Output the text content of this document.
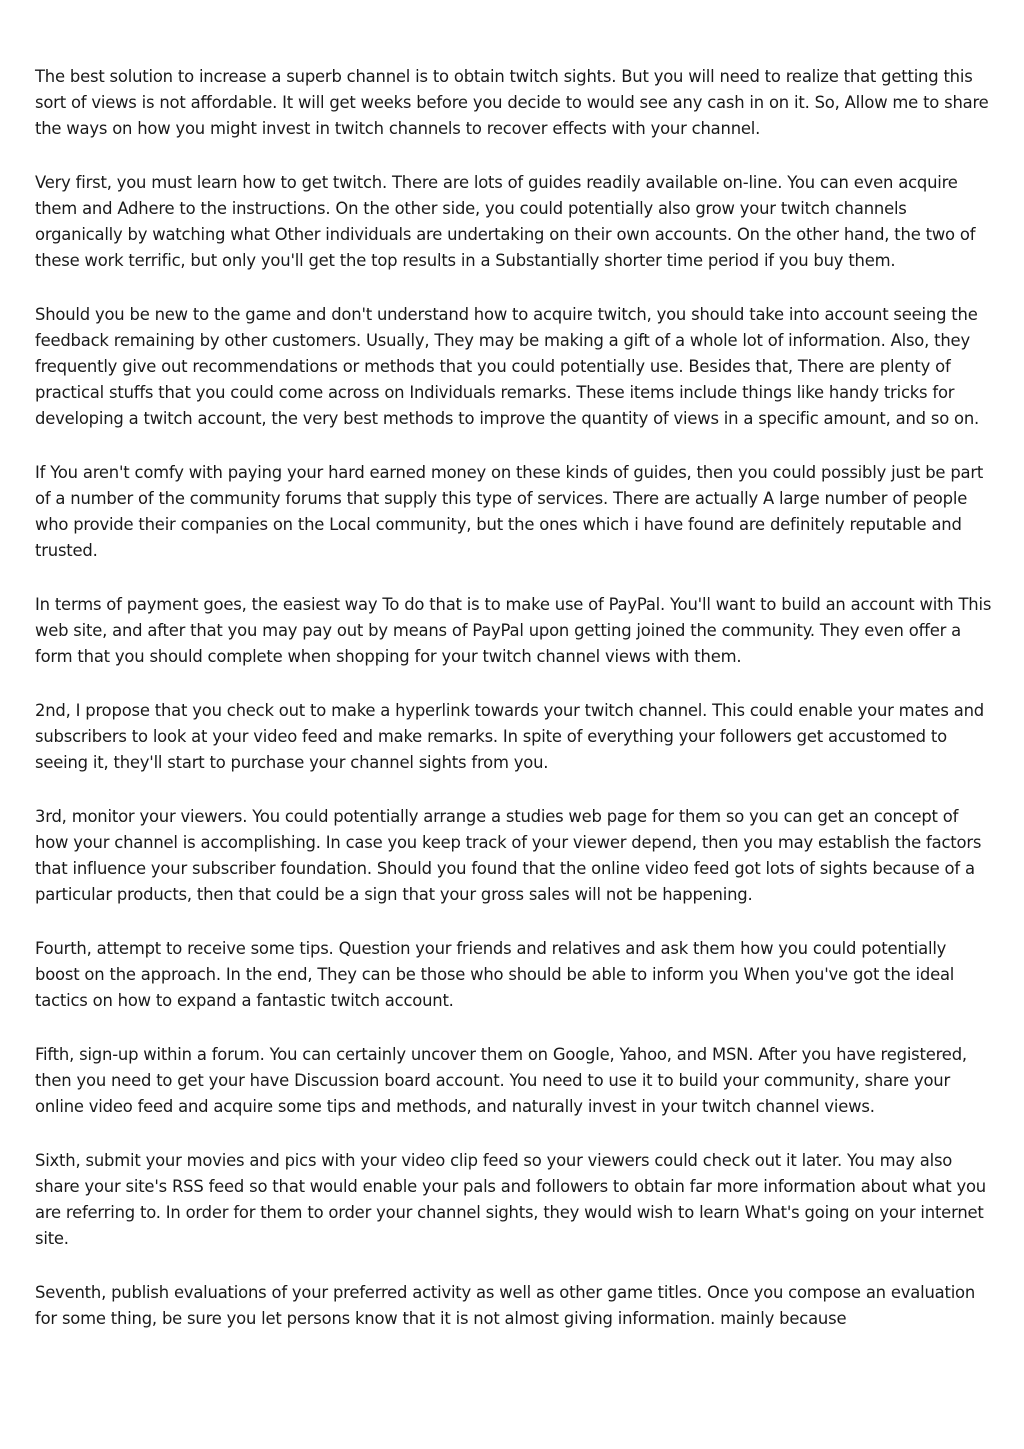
The best solution to increase a superb channel is to obtain twitch sights. But you will need to realize that getting this sort of views is not affordable. It will get weeks before you decide to would see any cash in on it. So, Allow me to share the ways on how you might invest in twitch channels to recover effects with your channel.

Very first, you must learn how to get twitch. There are lots of guides readily available on-line. You can even acquire them and Adhere to the instructions. On the other side, you could potentially also grow your twitch channels organically by watching what Other individuals are undertaking on their own accounts. On the other hand, the two of these work terrific, but only you'll get the top results in a Substantially shorter time period if you buy them.

Should you be new to the game and don't understand how to acquire twitch, you should take into account seeing the feedback remaining by other customers. Usually, They may be making a gift of a whole lot of information. Also, they frequently give out recommendations or methods that you could potentially use. Besides that, There are plenty of practical stuffs that you could come across on Individuals remarks. These items include things like handy tricks for developing a twitch account, the very best methods to improve the quantity of views in a specific amount, and so on.

If You aren't comfy with paying your hard earned money on these kinds of guides, then you could possibly just be part of a number of the community forums that supply this type of services. There are actually A large number of people who provide their companies on the Local community, but the ones which i have found are definitely reputable and trusted.

In terms of payment goes, the easiest way To do that is to make use of PayPal. You'll want to build an account with This web site, and after that you may pay out by means of PayPal upon getting joined the community. They even offer a form that you should complete when shopping for your twitch channel views with them.

2nd, I propose that you check out to make a hyperlink towards your twitch channel. This could enable your mates and subscribers to look at your video feed and make remarks. In spite of everything your followers get accustomed to seeing it, they'll start to purchase your channel sights from you.

3rd, monitor your viewers. You could potentially arrange a studies web page for them so you can get an concept of how your channel is accomplishing. In case you keep track of your viewer depend, then you may establish the factors that influence your subscriber foundation. Should you found that the online video feed got lots of sights because of a particular products, then that could be a sign that your gross sales will not be happening.

Fourth, attempt to receive some tips. Question your friends and relatives and ask them how you could potentially boost on the approach. In the end, They can be those who should be able to inform you When you've got the ideal tactics on how to expand a fantastic twitch account.

Fifth, sign-up within a forum. You can certainly uncover them on Google, Yahoo, and MSN. After you have registered, then you need to get your have Discussion board account. You need to use it to build your community, share your online video feed and acquire some tips and methods, and naturally invest in your twitch channel views.

Sixth, submit your movies and pics with your video clip feed so your viewers could check out it later. You may also share your site's RSS feed so that would enable your pals and followers to obtain far more information about what you are referring to. In order for them to order your channel sights, they would wish to learn What's going on your internet site.

Seventh, publish evaluations of your preferred activity as well as other game titles. Once you compose an evaluation for some thing, be sure you let persons know that it is not almost giving information. mainly because
